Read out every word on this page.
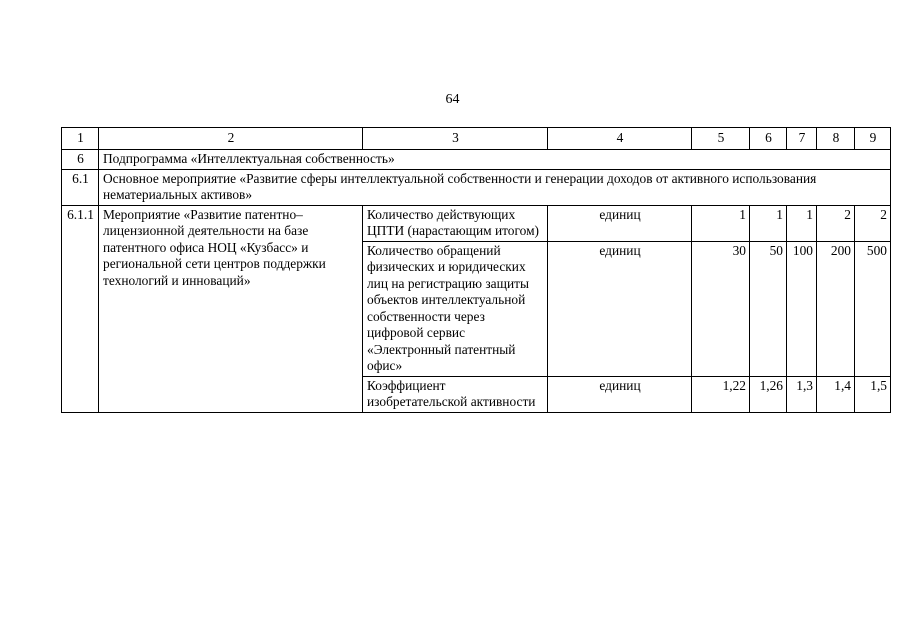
64
1	2	3	4	5	6	7	8	9
6	Подпрограмма «Интеллектуальная собственность»							
6.1	Основное мероприятие «Развитие сферы интеллектуальной собственности и генерации доходов от активного использования нематериальных активов»							
6.1.1	Мероприятие «Развитие патентно–лицензионной деятельности на базе патентного офиса НОЦ «Кузбасс» и региональной сети центров поддержки технологий и инноваций»	Количество действующих ЦПТИ (нарастающим итогом)	единиц	1	1	1	2	2
		Количество обращений физических и юридических лиц на регистрацию защиты объектов интеллектуальной собственности через цифровой сервис «Электронный патентный офис»	единиц	30	50	100	200	500
		Коэффициент изобретательской активности	единиц	1,22	1,26	1,3	1,4	1,5
